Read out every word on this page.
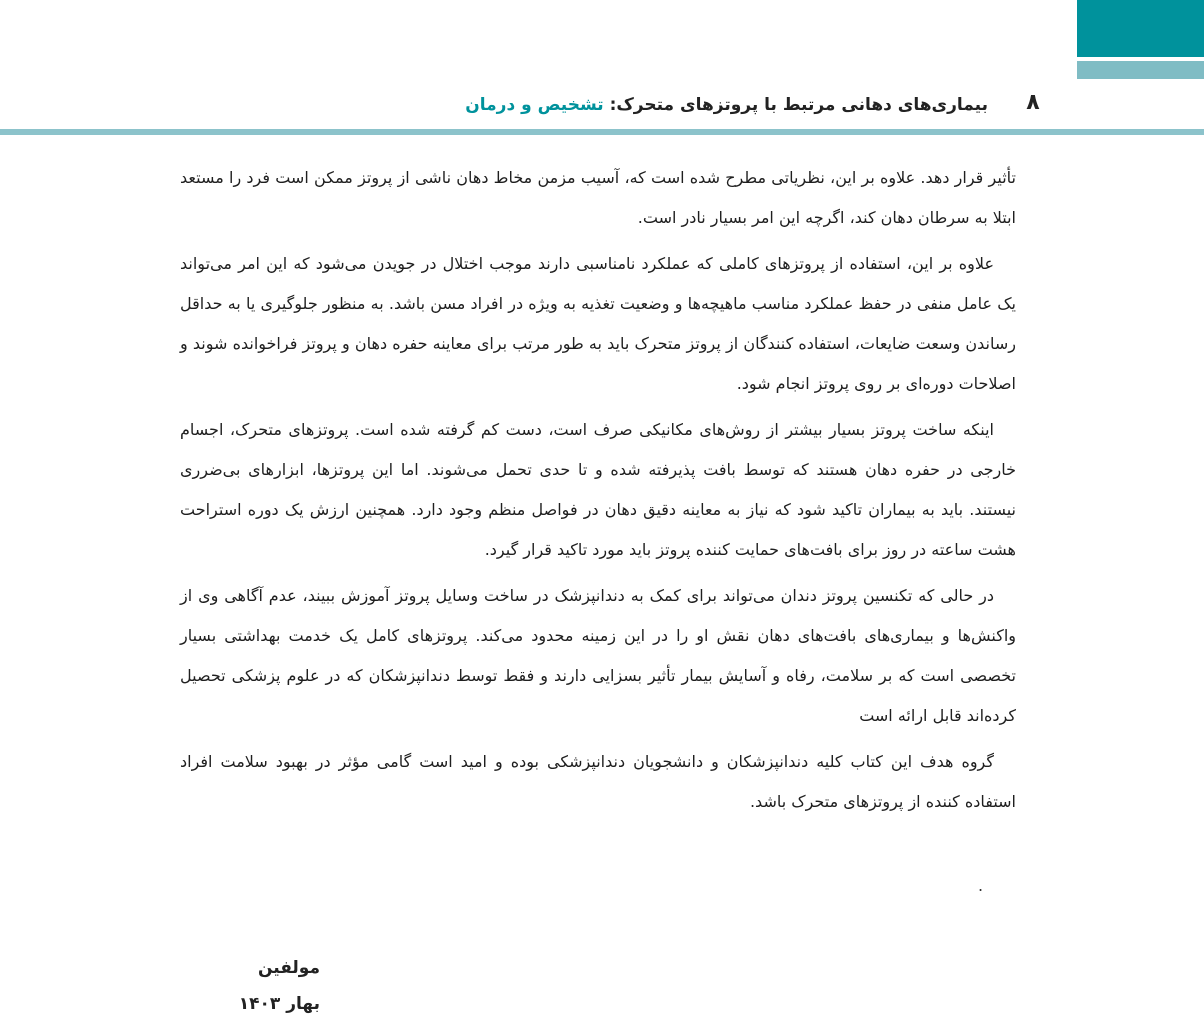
۸
بیماری‌های دهانی مرتبط با پروتزهای متحرک: تشخیص و درمان

تأثیر قرار دهد. علاوه بر این، نظریاتی مطرح شده است که، آسیب مزمن مخاط دهان ناشی از پروتز ممکن است فرد را مستعد ابتلا به سرطان دهان کند، اگرچه این امر بسیار نادر است.

علاوه بر این، استفاده از پروتزهای کاملی که عملکرد نامناسبی دارند موجب اختلال در جویدن می‌شود که این امر می‌تواند یک عامل منفی در حفظ عملکرد مناسب ماهیچه‌ها و وضعیت تغذیه به ویژه در افراد مسن باشد. به منظور جلوگیری یا به حداقل رساندن وسعت ضایعات، استفاده کنندگان از پروتز متحرک باید به طور مرتب برای معاینه حفره دهان و پروتز فراخوانده شوند و اصلاحات دوره‌ای بر روی پروتز انجام شود.

اینکه ساخت پروتز بسیار بیشتر از روش‌های مکانیکی صرف است، دست کم گرفته شده است. پروتزهای متحرک، اجسام خارجی در حفره دهان هستند که توسط بافت پذیرفته شده و تا حدی تحمل می‌شوند. اما این پروتزها، ابزارهای بی‌ضرری نیستند. باید به بیماران تاکید شود که نیاز به معاینه دقیق دهان در فواصل منظم وجود دارد. همچنین ارزش یک دوره استراحت هشت ساعته در روز برای بافت‌های حمایت کننده پروتز باید مورد تاکید قرار گیرد.

در حالی که تکنسین پروتز دندان می‌تواند برای کمک به دندانپزشک در ساخت وسایل پروتز آموزش ببیند، عدم آگاهی وی از واکنش‌ها و بیماری‌های بافت‌های دهان نقش او را در این زمینه محدود می‌کند. پروتزهای کامل یک خدمت بهداشتی بسیار تخصصی است که بر سلامت، رفاه و آسایش بیمار تأثیر بسزایی دارند و فقط توسط دندانپزشکان که در علوم پزشکی تحصیل کرده‌اند قابل ارائه است

گروه هدف این کتاب کلیه دندانپزشکان و دانشجویان دندانپزشکی بوده و امید است گامی مؤثر در بهبود سلامت افراد استفاده کننده از پروتزهای متحرک باشد.

.
مولفین
بهار ۱۴۰۳
